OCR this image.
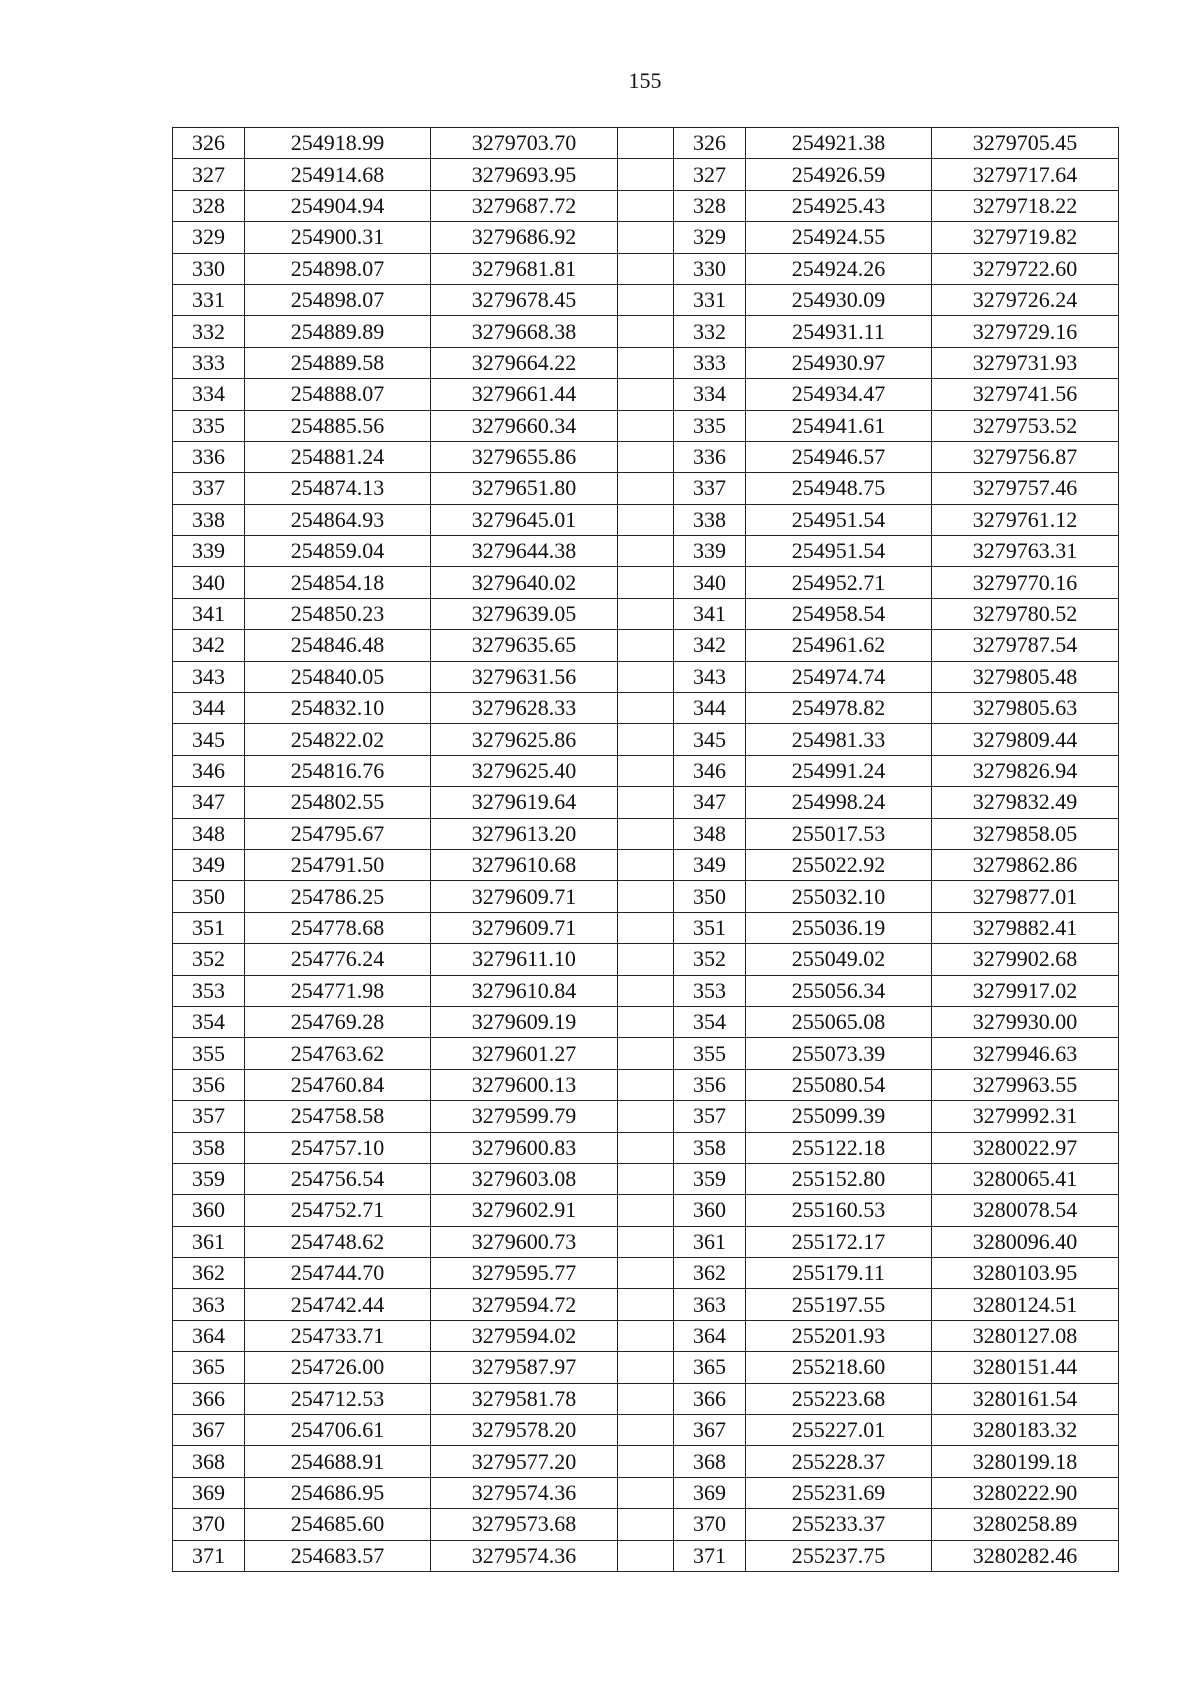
155
326	254918.99	3279703.70		326	254921.38	3279705.45
327	254914.68	3279693.95		327	254926.59	3279717.64
328	254904.94	3279687.72		328	254925.43	3279718.22
329	254900.31	3279686.92		329	254924.55	3279719.82
330	254898.07	3279681.81		330	254924.26	3279722.60
331	254898.07	3279678.45		331	254930.09	3279726.24
332	254889.89	3279668.38		332	254931.11	3279729.16
333	254889.58	3279664.22		333	254930.97	3279731.93
334	254888.07	3279661.44		334	254934.47	3279741.56
335	254885.56	3279660.34		335	254941.61	3279753.52
336	254881.24	3279655.86		336	254946.57	3279756.87
337	254874.13	3279651.80		337	254948.75	3279757.46
338	254864.93	3279645.01		338	254951.54	3279761.12
339	254859.04	3279644.38		339	254951.54	3279763.31
340	254854.18	3279640.02		340	254952.71	3279770.16
341	254850.23	3279639.05		341	254958.54	3279780.52
342	254846.48	3279635.65		342	254961.62	3279787.54
343	254840.05	3279631.56		343	254974.74	3279805.48
344	254832.10	3279628.33		344	254978.82	3279805.63
345	254822.02	3279625.86		345	254981.33	3279809.44
346	254816.76	3279625.40		346	254991.24	3279826.94
347	254802.55	3279619.64		347	254998.24	3279832.49
348	254795.67	3279613.20		348	255017.53	3279858.05
349	254791.50	3279610.68		349	255022.92	3279862.86
350	254786.25	3279609.71		350	255032.10	3279877.01
351	254778.68	3279609.71		351	255036.19	3279882.41
352	254776.24	3279611.10		352	255049.02	3279902.68
353	254771.98	3279610.84		353	255056.34	3279917.02
354	254769.28	3279609.19		354	255065.08	3279930.00
355	254763.62	3279601.27		355	255073.39	3279946.63
356	254760.84	3279600.13		356	255080.54	3279963.55
357	254758.58	3279599.79		357	255099.39	3279992.31
358	254757.10	3279600.83		358	255122.18	3280022.97
359	254756.54	3279603.08		359	255152.80	3280065.41
360	254752.71	3279602.91		360	255160.53	3280078.54
361	254748.62	3279600.73		361	255172.17	3280096.40
362	254744.70	3279595.77		362	255179.11	3280103.95
363	254742.44	3279594.72		363	255197.55	3280124.51
364	254733.71	3279594.02		364	255201.93	3280127.08
365	254726.00	3279587.97		365	255218.60	3280151.44
366	254712.53	3279581.78		366	255223.68	3280161.54
367	254706.61	3279578.20		367	255227.01	3280183.32
368	254688.91	3279577.20		368	255228.37	3280199.18
369	254686.95	3279574.36		369	255231.69	3280222.90
370	254685.60	3279573.68		370	255233.37	3280258.89
371	254683.57	3279574.36		371	255237.75	3280282.46
